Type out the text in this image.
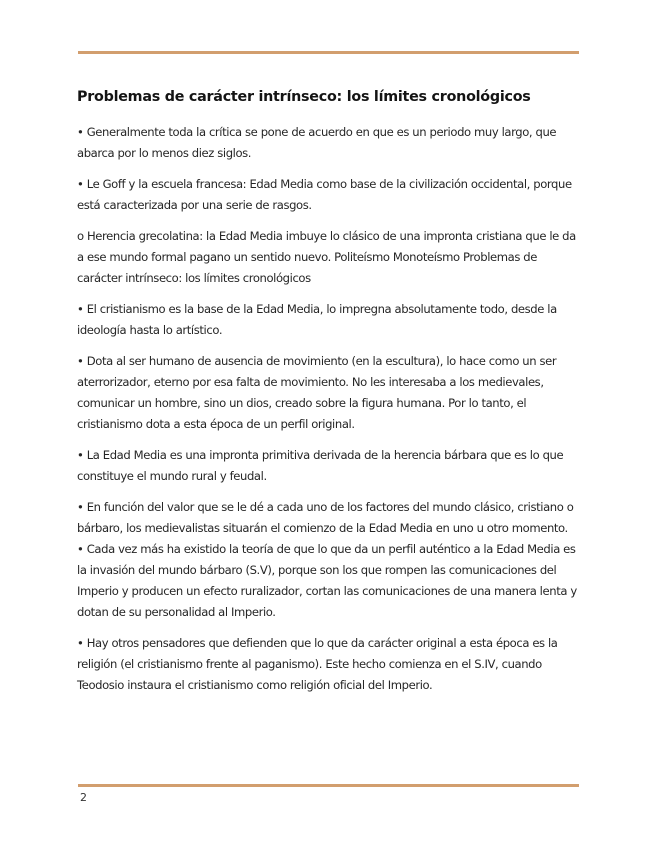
Problemas de carácter intrínseco: los límites cronológicos

• Generalmente toda la crítica se pone de acuerdo en que es un periodo muy largo, que abarca por lo menos diez siglos.

• Le Goff y la escuela francesa: Edad Media como base de la civilización occidental, porque está caracterizada por una serie de rasgos.

o Herencia grecolatina: la Edad Media imbuye lo clásico de una impronta cristiana que le da a ese mundo formal pagano un sentido nuevo. Politeísmo Monoteísmo Problemas de carácter intrínseco: los límites cronológicos

• El cristianismo es la base de la Edad Media, lo impregna absolutamente todo, desde la ideología hasta lo artístico.

• Dota al ser humano de ausencia de movimiento (en la escultura), lo hace como un ser aterrorizador, eterno por esa falta de movimiento. No les interesaba a los medievales, comunicar un hombre, sino un dios, creado sobre la figura humana. Por lo tanto, el cristianismo dota a esta época de un perfil original.

• La Edad Media es una impronta primitiva derivada de la herencia bárbara que es lo que constituye el mundo rural y feudal.

• En función del valor que se le dé a cada uno de los factores del mundo clásico, cristiano o bárbaro, los medievalistas situarán el comienzo de la Edad Media en uno u otro momento.

• Cada vez más ha existido la teoría de que lo que da un perfil auténtico a la Edad Media es la invasión del mundo bárbaro (S.V), porque son los que rompen las comunicaciones del Imperio y producen un efecto ruralizador, cortan las comunicaciones de una manera lenta y dotan de su personalidad al Imperio.

• Hay otros pensadores que defienden que lo que da carácter original a esta época es la religión (el cristianismo frente al paganismo). Este hecho comienza en el S.IV, cuando Teodosio instaura el cristianismo como religión oficial del Imperio.

2
